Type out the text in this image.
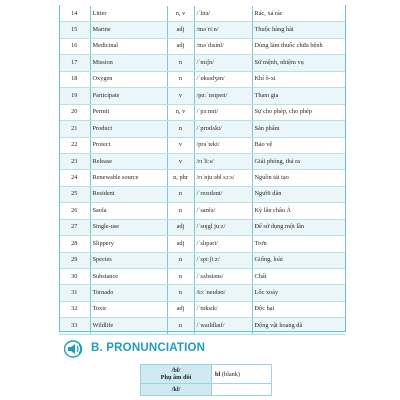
14	Litter	n, v	/ˈlɪtə/	Rác, xả rác
15	Marine	adj	/məˈriːn/	Thuộc hàng hải
16	Medicinal	adj	/məˈdɪsɪnl/	Dùng làm thuốc chữa bệnh
17	Mission	n	/ˈmɪʃn/	Sứ mệnh, nhiệm vụ
18	Oxygen	n	/ˈɒksɪdʒən/	Khí ô-xi
19	Participate	v	/pɑːˈtɪsɪpeɪt/	Tham gia
20	Permit	n, v	/ˈpɜːmɪt/	Sự cho phép, cho phép
21	Product	n	/ˈprɒdʌkt/	Sản phẩm
22	Protect	v	/prəˈtekt/	Bảo vệ
23	Release	v	/rɪˈliːs/	Giải phóng, thả ra
24	Renewable source	n, phr	/rɪˈnjuːəbl sɔːs/	Nguồn tái tạo
25	Resident	n	/ˈrezɪdənt/	Người dân
26	Saola	n	/ˈsaʊlə/	Kỳ lân châu Á
27	Single-use	adj	/ˈsɪŋgl juːz/	Để sử dụng một lần
28	Slippery	adj	/ˈslɪpəri/	Trơn
29	Species	n	/ˈspiːʃiːz/	Giống, loài
30	Substance	n	/ˈsʌbstəns/	Chất
31	Tornado	n	/tɔːˈneɪdəʊ/	Lốc xoáy
32	Toxic	adj	/ˈtɒksɪk/	Độc hại
33	Wildlife	n	/ˈwaɪldlaɪf/	Động vật hoang dã
B. PRONUNCIATION
/bl/
Phụ âm đôi	bl (blank)
/kl/	
